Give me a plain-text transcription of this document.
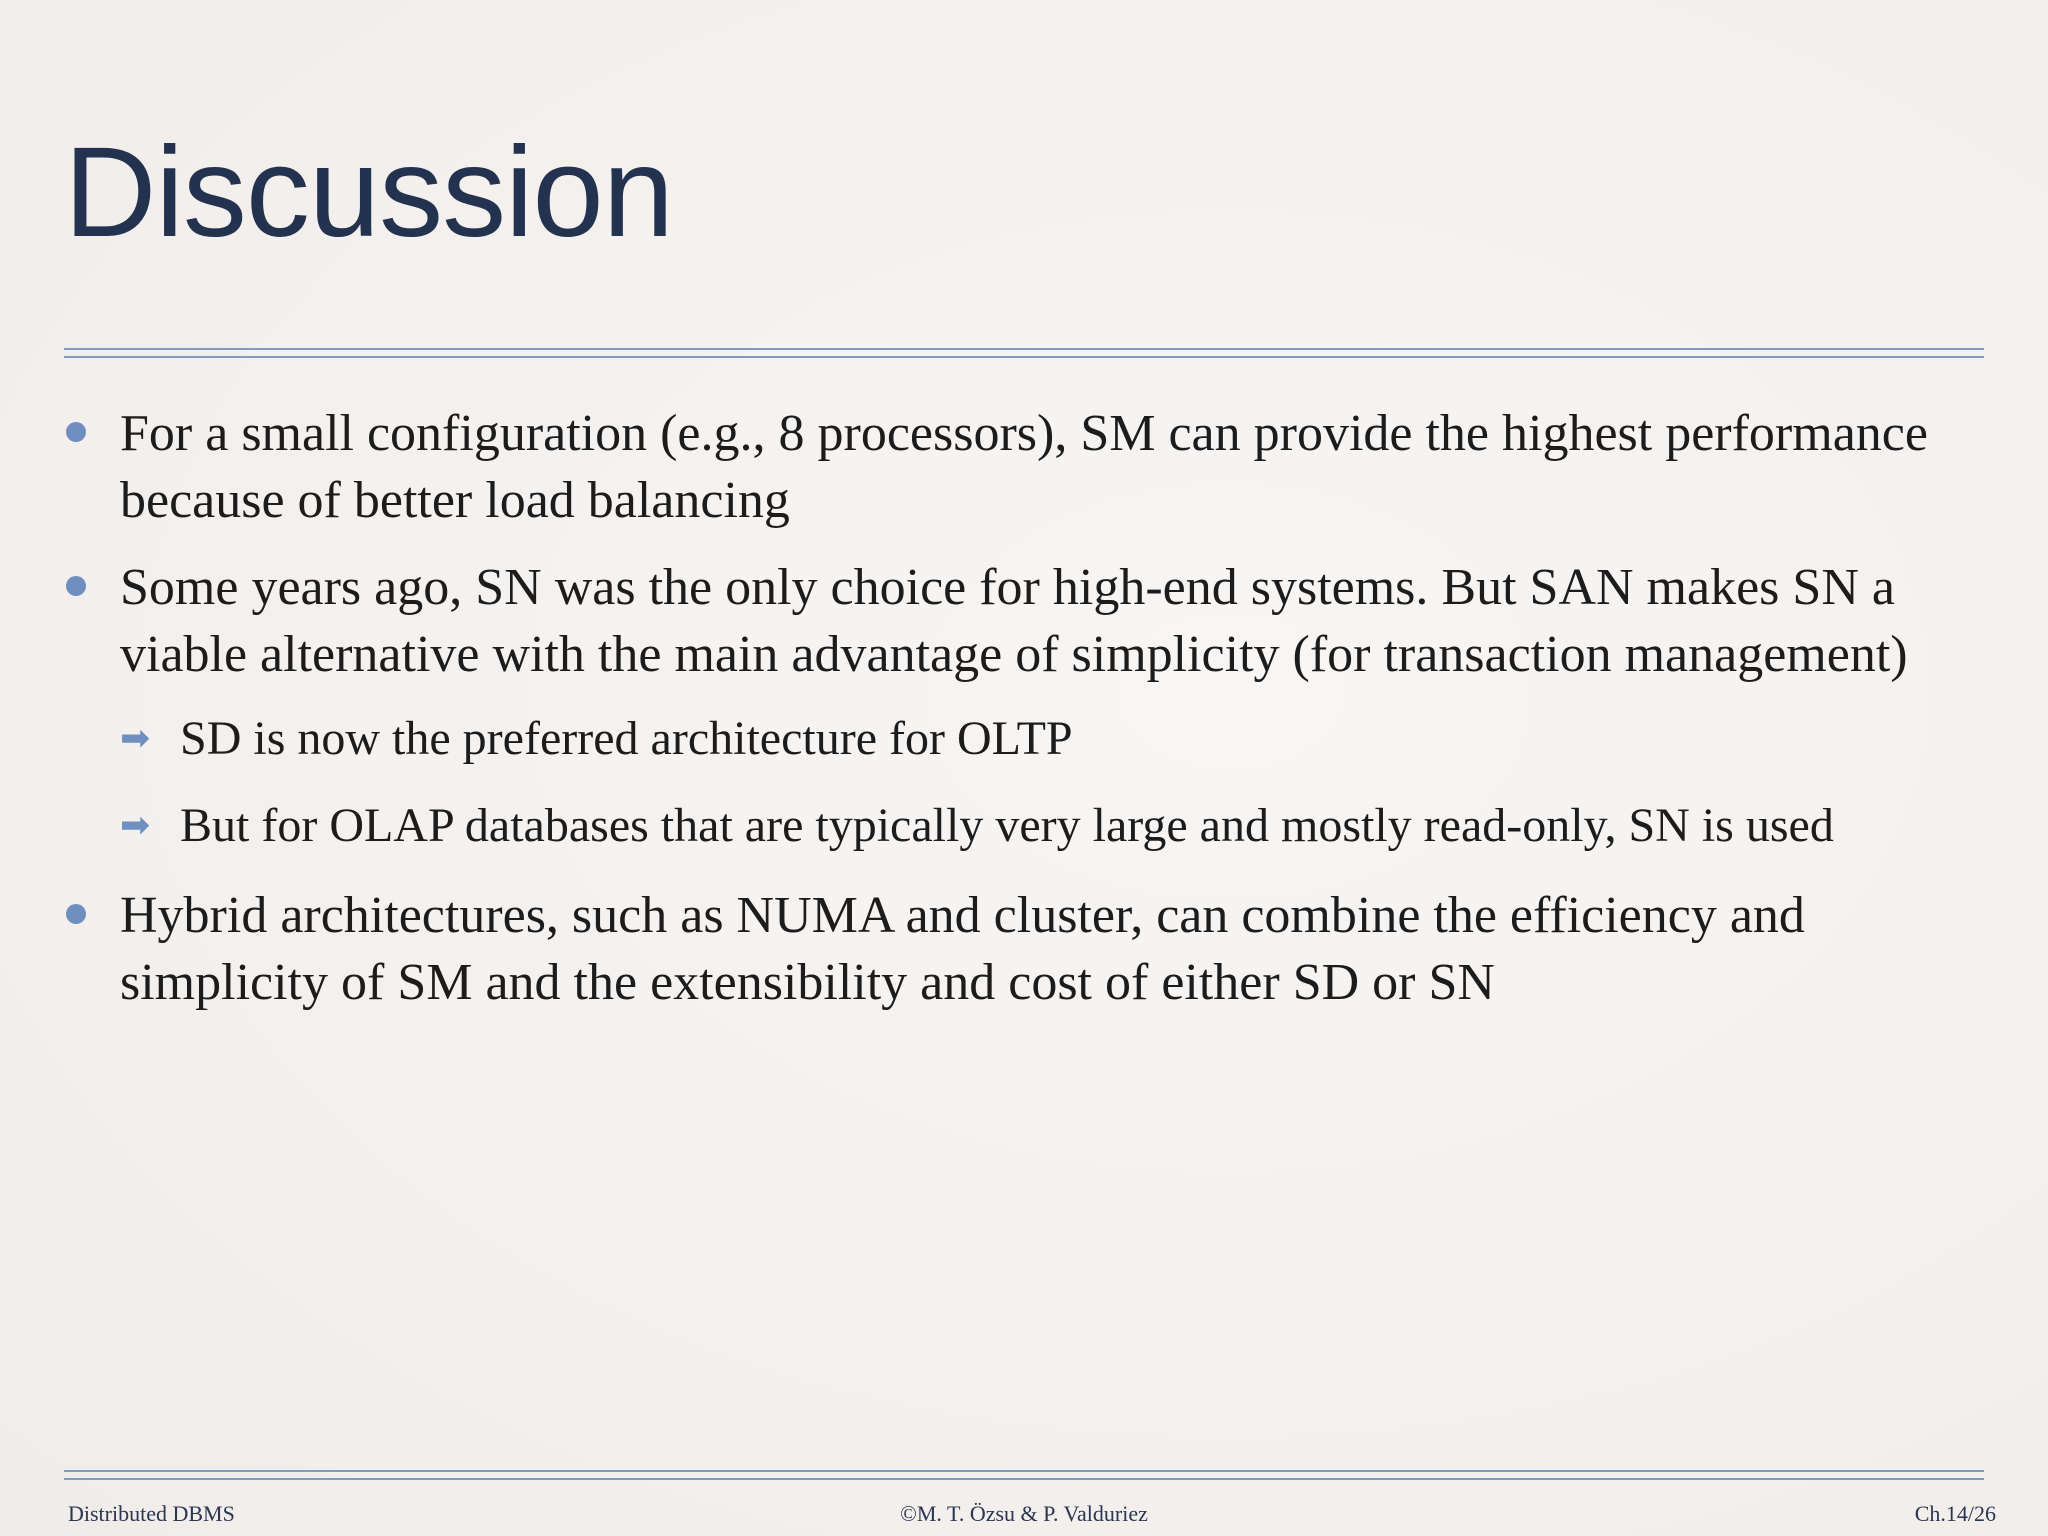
Discussion
For a small configuration (e.g., 8 processors), SM can provide the highest performance because of better load balancing
Some years ago, SN was the only choice for high-end systems. But SAN makes SN a viable alternative with the main advantage of simplicity (for transaction management)
➡ SD is now the preferred architecture for OLTP
➡ But for OLAP databases that are typically very large and mostly read-only, SN is used
Hybrid architectures, such as NUMA and cluster, can combine the efficiency and simplicity of SM and the extensibility and cost of either SD or SN
Distributed DBMS	©M. T. Özsu & P. Valduriez	Ch.14/26
